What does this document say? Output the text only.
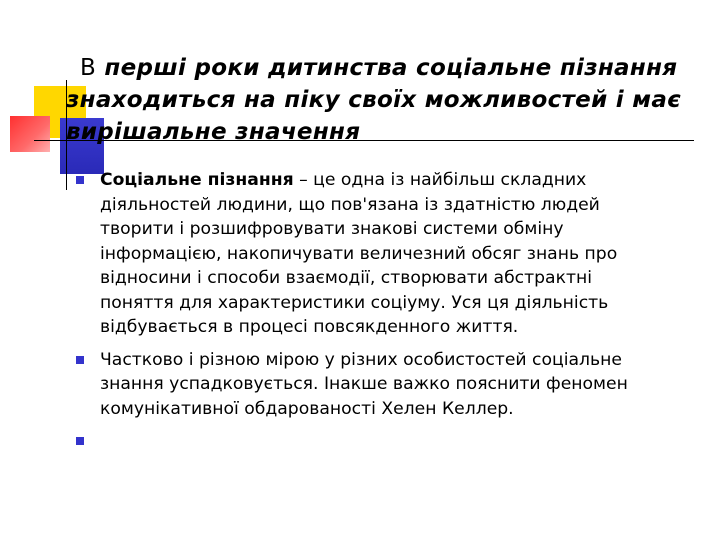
В перші роки дитинства соціальне пізнання знаходиться на піку своїх можливостей і має вирішальне значення
Соціальне пізнання – це одна із найбільш складних діяльностей людини, що пов'язана із здатністю людей творити і розшифровувати знакові системи обміну інформацією, накопичувати величезний обсяг знань про відносини і способи взаємодії, створювати абстрактні поняття для характеристики соціуму. Уся ця діяльність відбувається в процесі повсякденного життя.
Частково і різною мірою у різних особистостей соціальне знання успадковується. Інакше важко пояснити феномен комунікативної обдарованості Хелен Келлер.
